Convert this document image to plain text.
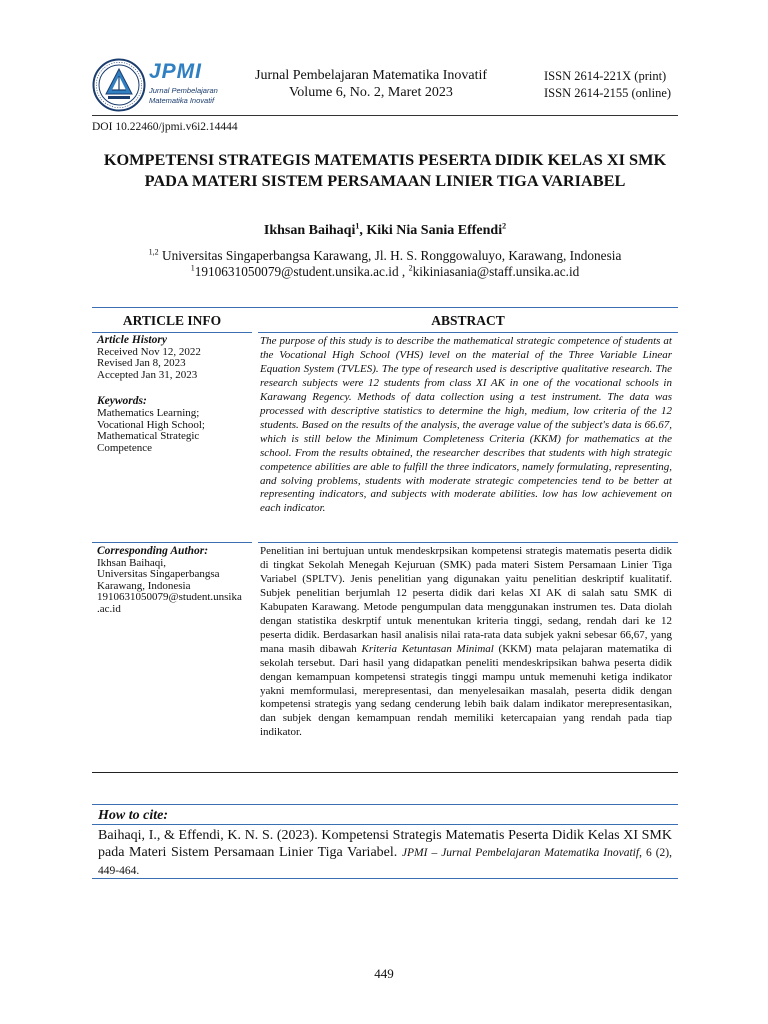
JPMI
Jurnal Pembelajaran
Matematika Inovatif
Jurnal Pembelajaran Matematika Inovatif
Volume 6, No. 2, Maret 2023
ISSN 2614-221X (print)
ISSN 2614-2155 (online)
DOI 10.22460/jpmi.v6i2.14444
KOMPETENSI STRATEGIS MATEMATIS PESERTA DIDIK KELAS XI SMK PADA MATERI SISTEM PERSAMAAN LINIER TIGA VARIABEL
Ikhsan Baihaqi$^1$, Kiki Nia Sania Effendi$^2$
$^{1,2}$ Universitas Singaperbangsa Karawang, Jl. H. S. Ronggowaluyo, Karawang, Indonesia
$^1$1910631050079@student.unsika.ac.id , $^2$kikiniasania@staff.unsika.ac.id
ARTICLE INFO	ABSTRACT
Article History
Received Nov 12, 2022
Revised Jan 8, 2023
Accepted Jan 31, 2023
Keywords:
Mathematics Learning;
Vocational High School;
Mathematical Strategic
Competence
The purpose of this study is to describe the mathematical strategic competence of students at the Vocational High School (VHS) level on the material of the Three Variable Linear Equation System (TVLES). The type of research used is descriptive qualitative research. The research subjects were 12 students from class XI AK in one of the vocational schools in Karawang Regency. Methods of data collection using a test instrument. The data was processed with descriptive statistics to determine the high, medium, low criteria of the 12 students. Based on the results of the analysis, the average value of the subject's data is 66.67, which is still below the Minimum Completeness Criteria (KKM) for mathematics at the school. From the results obtained, the researcher describes that students with high strategic competence abilities are able to fulfill the three indicators, namely formulating, representing, and solving problems, students with moderate strategic competencies tend to be better at representing indicators, and subjects with moderate abilities. low has low achievement on each indicator.
Corresponding Author:
Ikhsan Baihaqi,
Universitas Singaperbangsa
Karawang, Indonesia
1910631050079@student.unsika
.ac.id
Penelitian ini bertujuan untuk mendeskrpsikan kompetensi strategis matematis peserta didik di tingkat Sekolah Menegah Kejuruan (SMK) pada materi Sistem Persamaan Linier Tiga Variabel (SPLTV). Jenis penelitian yang digunakan yaitu penelitian deskriptif kualitatif. Subjek penelitian berjumlah 12 peserta didik dari kelas XI AK di salah satu SMK di Kabupaten Karawang. Metode pengumpulan data menggunakan instrumen tes. Data diolah dengan statistika deskrptif untuk menentukan kriteria tinggi, sedang, rendah dari ke 12 peserta didik. Berdasarkan hasil analisis nilai rata-rata data subjek yakni sebesar 66,67, yang mana masih dibawah Kriteria Ketuntasan Minimal (KKM) mata pelajaran matematika di sekolah tersebut. Dari hasil yang didapatkan peneliti mendeskripsikan bahwa peserta didik dengan kemampuan kompetensi strategis tinggi mampu untuk memenuhi ketiga indikator yakni memformulasi, merepresentasi, dan menyelesaikan masalah, peserta didik dengan kompetensi strategis yang sedang cenderung lebih baik dalam indikator merepresentasikan, dan subjek dengan kemampuan rendah memiliki ketercapaian yang rendah pada tiap indikator.
How to cite:
Baihaqi, I., & Effendi, K. N. S. (2023). Kompetensi Strategis Matematis Peserta Didik Kelas XI SMK pada Materi Sistem Persamaan Linier Tiga Variabel. JPMI – Jurnal Pembelajaran Matematika Inovatif, 6 (2), 449-464.
449
